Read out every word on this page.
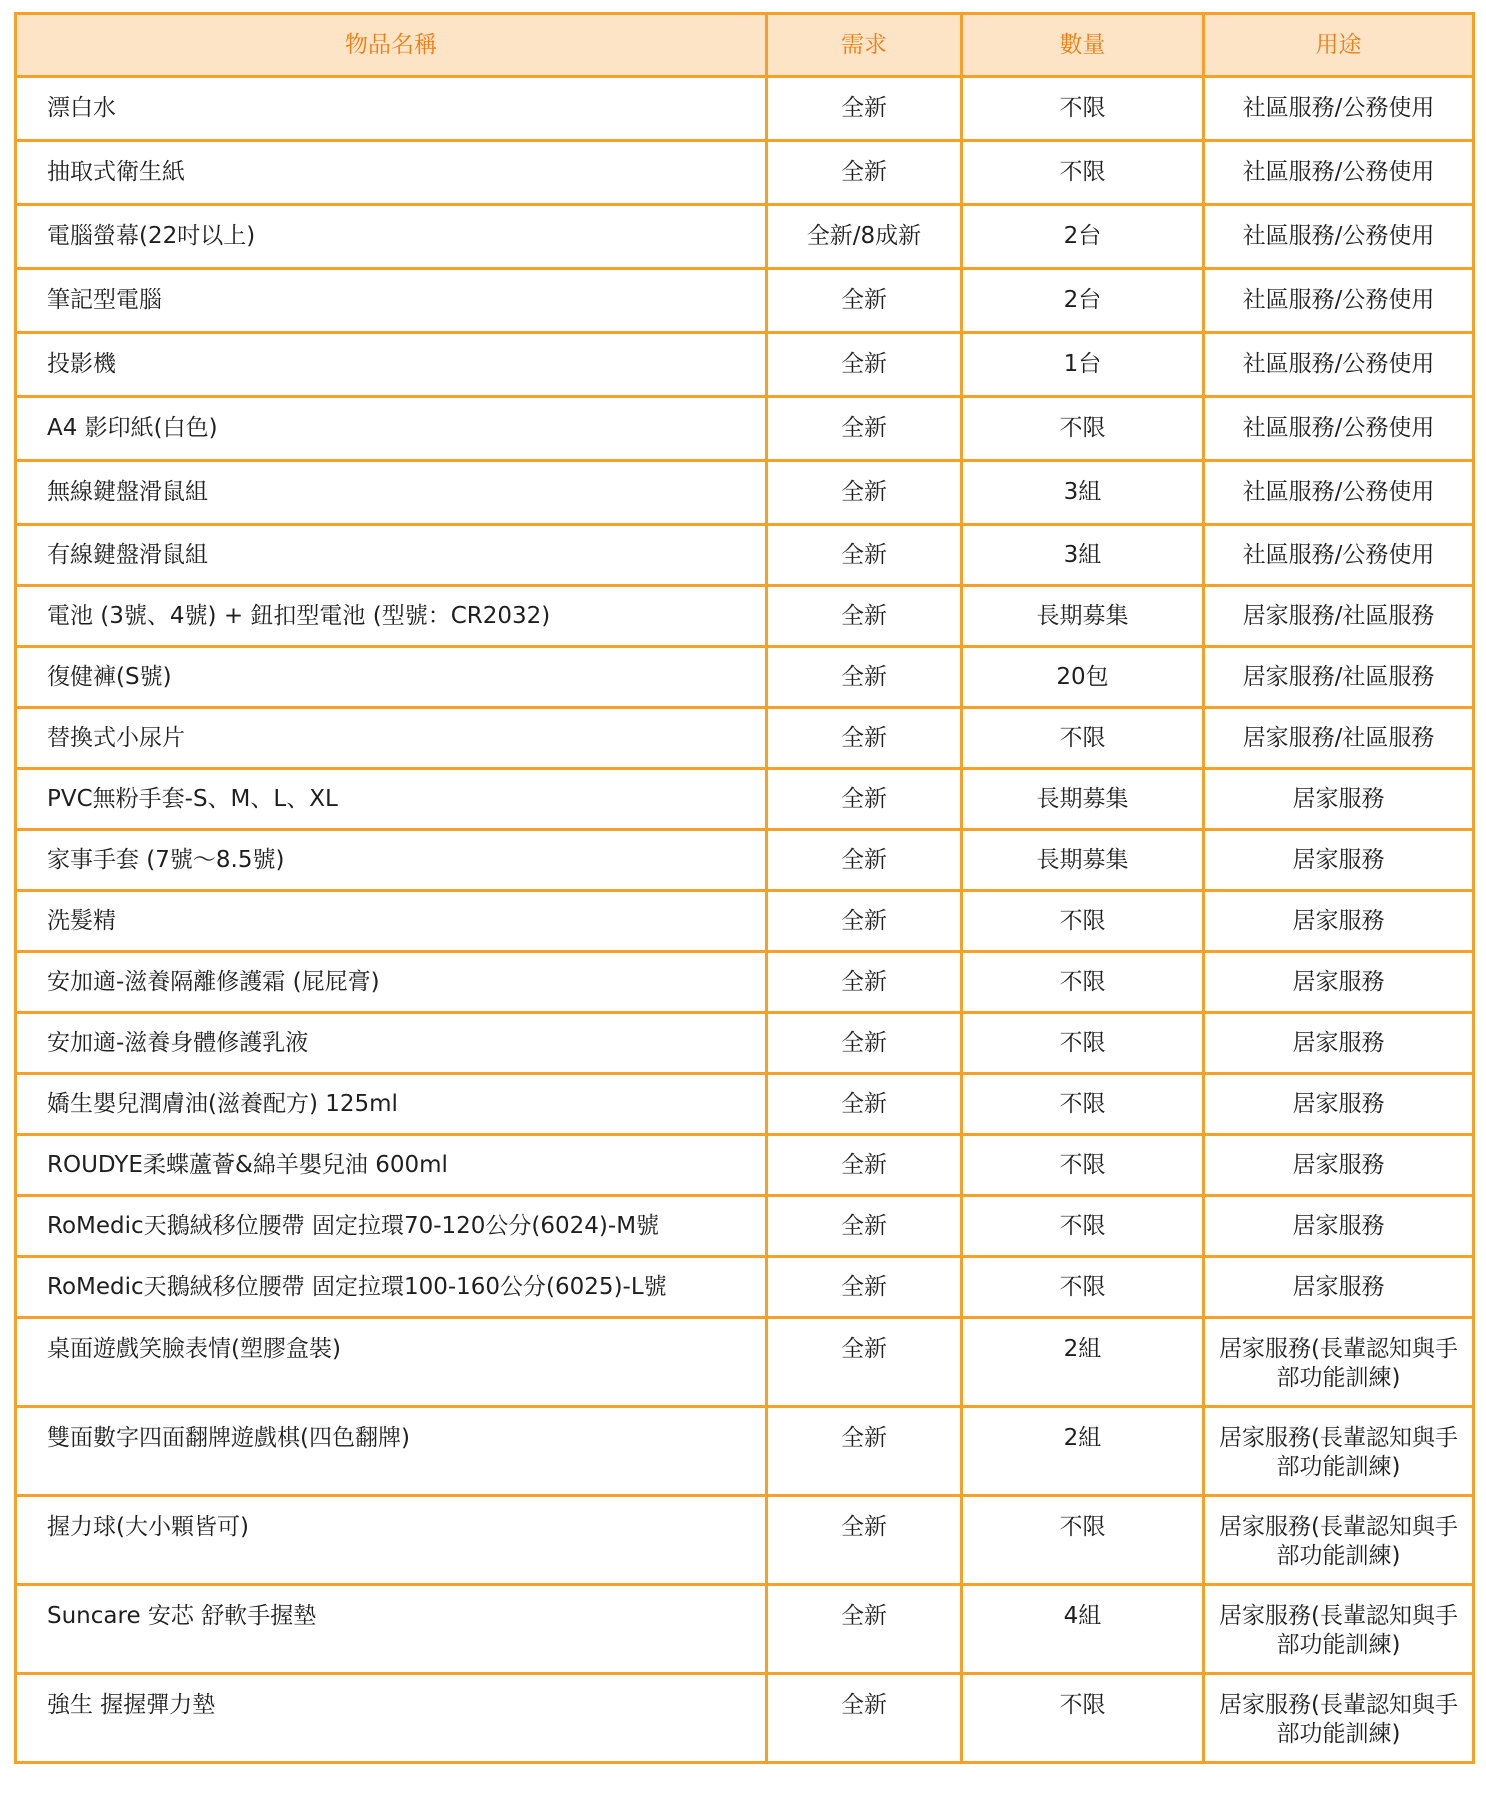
物品名稱	需求	數量	用途
漂白水	全新	不限	社區服務/公務使用
抽取式衛生紙	全新	不限	社區服務/公務使用
電腦螢幕(22吋以上)	全新/8成新	2台	社區服務/公務使用
筆記型電腦	全新	2台	社區服務/公務使用
投影機	全新	1台	社區服務/公務使用
A4 影印紙(白色)	全新	不限	社區服務/公務使用
無線鍵盤滑鼠組	全新	3組	社區服務/公務使用
有線鍵盤滑鼠組	全新	3組	社區服務/公務使用
電池 (3號、4號) + 鈕扣型電池 (型號：CR2032)	全新	長期募集	居家服務/社區服務
復健褲(S號)	全新	20包	居家服務/社區服務
替換式小尿片	全新	不限	居家服務/社區服務
PVC無粉手套-S、M、L、XL	全新	長期募集	居家服務
家事手套 (7號～8.5號)	全新	長期募集	居家服務
洗髮精	全新	不限	居家服務
安加適-滋養隔離修護霜 (屁屁膏)	全新	不限	居家服務
安加適-滋養身體修護乳液	全新	不限	居家服務
嬌生嬰兒潤膚油(滋養配方) 125ml	全新	不限	居家服務
ROUDYE柔蝶蘆薈&綿羊嬰兒油 600ml	全新	不限	居家服務
RoMedic天鵝絨移位腰帶 固定拉環70-120公分(6024)-M號	全新	不限	居家服務
RoMedic天鵝絨移位腰帶 固定拉環100-160公分(6025)-L號	全新	不限	居家服務
桌面遊戲笑臉表情(塑膠盒裝)	全新	2組	居家服務(長輩認知與手部功能訓練)
雙面數字四面翻牌遊戲棋(四色翻牌)	全新	2組	居家服務(長輩認知與手部功能訓練)
握力球(大小顆皆可)	全新	不限	居家服務(長輩認知與手部功能訓練)
Suncare 安芯 舒軟手握墊	全新	4組	居家服務(長輩認知與手部功能訓練)
強生 握握彈力墊	全新	不限	居家服務(長輩認知與手部功能訓練)
